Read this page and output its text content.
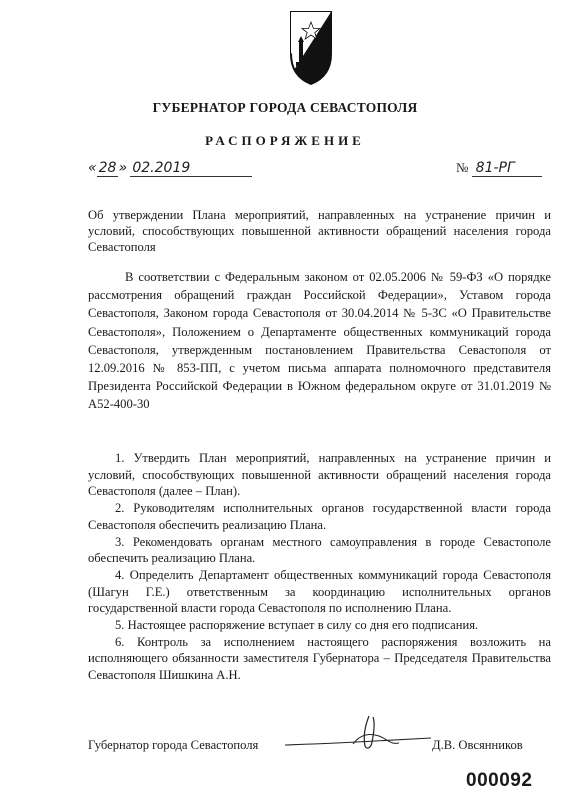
ГУБЕРНАТОР ГОРОДА СЕВАСТОПОЛЯ
РАСПОРЯЖЕНИЕ
« 28 » 02.2019	№ 81-РГ
Об утверждении Плана мероприятий, направленных на устранение причин и условий, способствующих повышенной активности обращений населения города Севастополя
В соответствии с Федеральным законом от 02.05.2006 № 59-ФЗ «О порядке рассмотрения обращений граждан Российской Федерации», Уставом города Севастополя, Законом города Севастополя от 30.04.2014 № 5-ЗС «О Правительстве Севастополя», Положением о Департаменте общественных коммуникаций города Севастополя, утвержденным постановлением Правительства Севастополя от 12.09.2016 № 853-ПП, с учетом письма аппарата полномочного представителя Президента Российской Федерации в Южном федеральном округе от 31.01.2019 № А52-400-30

1. Утвердить План мероприятий, направленных на устранение причин и условий, способствующих повышенной активности обращений населения города Севастополя (далее – План).

2. Руководителям исполнительных органов государственной власти города Севастополя обеспечить реализацию Плана.

3. Рекомендовать органам местного самоуправления в городе Севастополе обеспечить реализацию Плана.

4. Определить Департамент общественных коммуникаций города Севастополя (Шагун Г.Е.) ответственным за координацию исполнительных органов государственной власти города Севастополя по исполнению Плана.

5. Настоящее распоряжение вступает в силу со дня его подписания.

6. Контроль за исполнением настоящего распоряжения возложить на исполняющего обязанности заместителя Губернатора – Председателя Правительства Севастополя Шишкина А.Н.

Губернатор города Севастополя	Д.В. Овсянников
000092
